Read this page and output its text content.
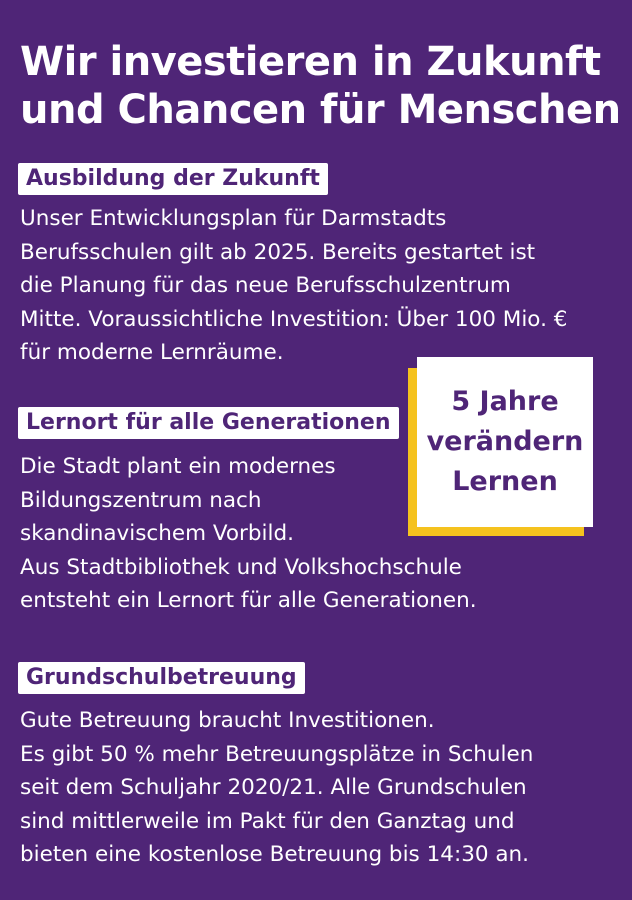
Wir investieren in Zukunft
und Chancen für Menschen
Ausbildung der Zukunft
Unser Entwicklungsplan für Darmstadts
Berufsschulen gilt ab 2025. Bereits gestartet ist
die Planung für das neue Berufsschulzentrum
Mitte. Voraussichtliche Investition: Über 100 Mio. €
für moderne Lernräume.
5 Jahre
verändern
Lernen
Lernort für alle Generationen
Die Stadt plant ein modernes
Bildungszentrum nach
skandinavischem Vorbild.
Aus Stadtbibliothek und Volkshochschule
entsteht ein Lernort für alle Generationen.
Grundschulbetreuung
Gute Betreuung braucht Investitionen.
Es gibt 50 % mehr Betreuungsplätze in Schulen
seit dem Schuljahr 2020/21. Alle Grundschulen
sind mittlerweile im Pakt für den Ganztag und
bieten eine kostenlose Betreuung bis 14:30 an.
